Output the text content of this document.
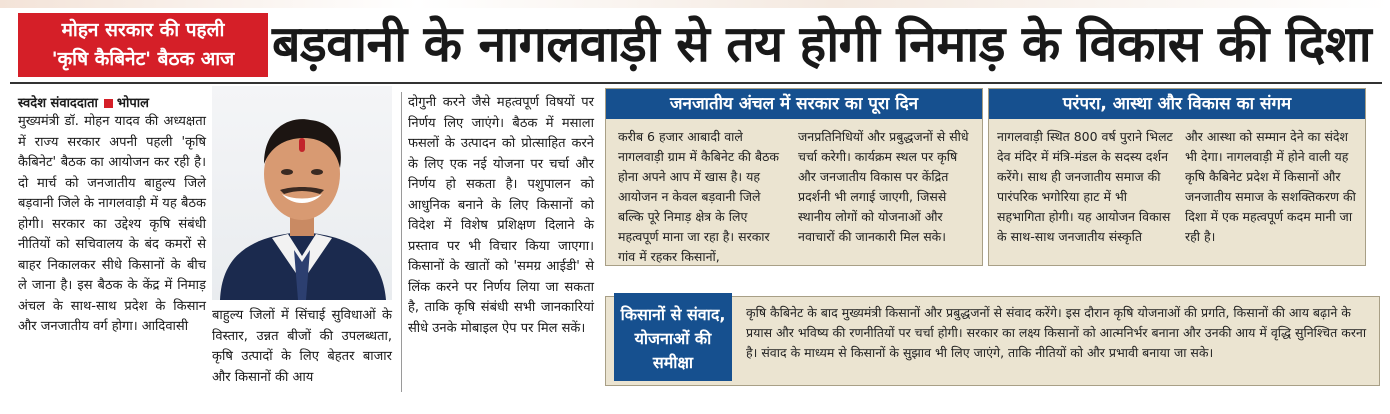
मोहन सरकार की पहली
'कृषि कैबिनेट' बैठक आज बड़वानी के नागलवाड़ी से तय होगी निमाड़ के विकास की दिशा
स्वदेश संवाददाता भोपाल
मुख्यमंत्री डॉ. मोहन यादव की अध्यक्षता में राज्य सरकार अपनी पहली 'कृषि कैबिनेट' बैठक का आयोजन कर रही है। दो मार्च को जनजातीय बाहुल्य जिले बड़वानी जिले के नागलवाड़ी में यह बैठक होगी। सरकार का उद्देश्य कृषि संबंधी नीतियों को सचिवालय के बंद कमरों से बाहर निकालकर सीधे किसानों के बीच ले जाना है। इस बैठक के केंद्र में निमाड़ अंचल के साथ-साथ प्रदेश के किसान और जनजातीय वर्ग होगा। आदिवासी
बाहुल्य जिलों में सिंचाई सुविधाओं के विस्तार, उन्नत बीजों की उपलब्धता, कृषि उत्पादों के लिए बेहतर बाजार और किसानों की आय
दोगुनी करने जैसे महत्वपूर्ण विषयों पर निर्णय लिए जाएंगे। बैठक में मसाला फसलों के उत्पादन को प्रोत्साहित करने के लिए एक नई योजना पर चर्चा और निर्णय हो सकता है। पशुपालन को आधुनिक बनाने के लिए किसानों को विदेश में विशेष प्रशिक्षण दिलाने के प्रस्ताव पर भी विचार किया जाएगा। किसानों के खातों को 'समग्र आईडी' से लिंक करने पर निर्णय लिया जा सकता है, ताकि कृषि संबंधी सभी जानकारियां सीधे उनके मोबाइल ऐप पर मिल सकें।
जनजातीय अंचल में सरकार का पूरा दिन
करीब 6 हजार आबादी वाले नागलवाड़ी ग्राम में कैबिनेट की बैठक होना अपने आप में खास है। यह आयोजन न केवल बड़वानी जिले बल्कि पूरे निमाड़ क्षेत्र के लिए महत्वपूर्ण माना जा रहा है। सरकार गांव में रहकर किसानों,
जनप्रतिनिधियों और प्रबुद्धजनों से सीधे चर्चा करेगी। कार्यक्रम स्थल पर कृषि और जनजातीय विकास पर केंद्रित प्रदर्शनी भी लगाई जाएगी, जिससे स्थानीय लोगों को योजनाओं और नवाचारों की जानकारी मिल सके।
परंपरा, आस्था और विकास का संगम
नागलवाड़ी स्थित 800 वर्ष पुराने भिलट देव मंदिर में मंत्रि-मंडल के सदस्य दर्शन करेंगे। साथ ही जनजातीय समाज की पारंपरिक भगोरिया हाट में भी सहभागिता होगी। यह आयोजन विकास के साथ-साथ जनजातीय संस्कृति
और आस्था को सम्मान देने का संदेश भी देगा। नागलवाड़ी में होने वाली यह कृषि कैबिनेट प्रदेश में किसानों और जनजातीय समाज के सशक्तिकरण की दिशा में एक महत्वपूर्ण कदम मानी जा रही है।
किसानों से संवाद, योजनाओं की समीक्षा
कृषि कैबिनेट के बाद मुख्यमंत्री किसानों और प्रबुद्धजनों से संवाद करेंगे। इस दौरान कृषि योजनाओं की प्रगति, किसानों की आय बढ़ाने के प्रयास और भविष्य की रणनीतियों पर चर्चा होगी। सरकार का लक्ष्य किसानों को आत्मनिर्भर बनाना और उनकी आय में वृद्धि सुनिश्चित करना है। संवाद के माध्यम से किसानों के सुझाव भी लिए जाएंगे, ताकि नीतियों को और प्रभावी बनाया जा सके।
